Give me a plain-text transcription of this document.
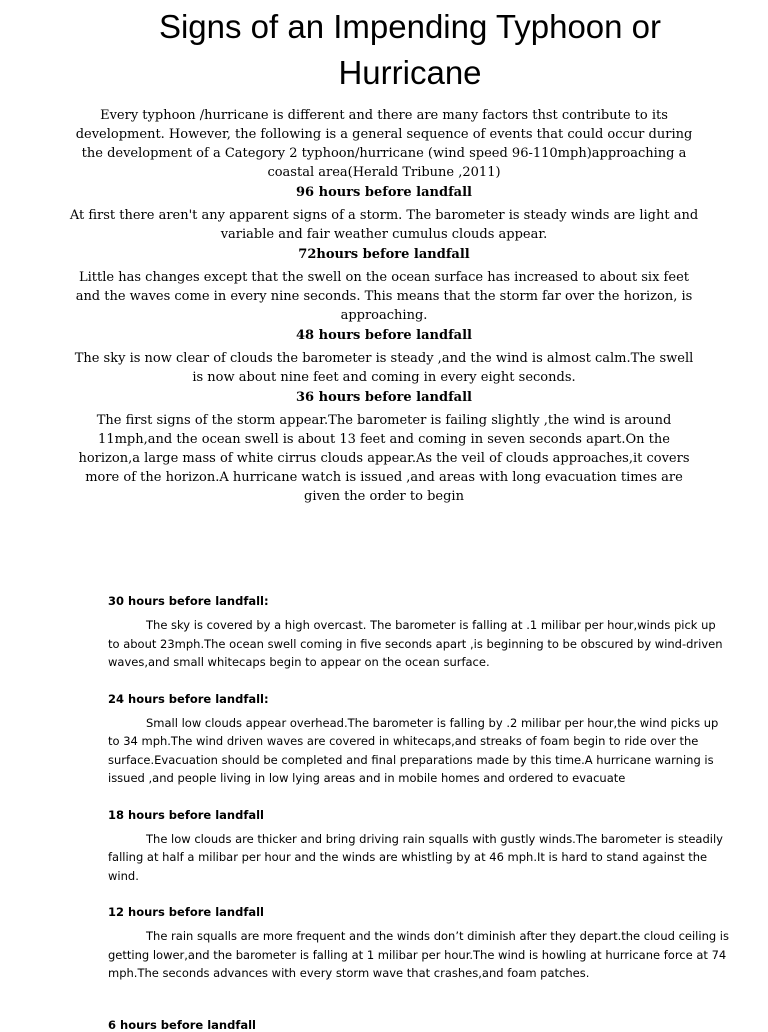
Signs of an Impending Typhoon or Hurricane

Every typhoon /hurricane is different and there are many factors thst contribute to its development. However, the following is a general sequence of events that could occur during the development of a Category 2 typhoon/hurricane (wind speed 96-110mph)approaching a coastal area(Herald Tribune ,2011)

96 hours before landfall

At first there aren't any apparent signs of a storm. The barometer is steady winds are light and variable and fair weather cumulus clouds appear.

72hours before landfall

Little has changes except that the swell on the ocean surface has increased to about six feet and the waves come in every nine seconds. This means that the storm far over the horizon, is approaching.

48 hours before landfall

The sky is now clear of clouds the barometer is steady ,and the wind is almost calm.The swell is now about nine feet and coming in every eight seconds.

36 hours before landfall

The first signs of the storm appear.The barometer is failing slightly ,the wind is around 11mph,and the ocean swell is about 13 feet and coming in seven seconds apart.On the horizon,a large mass of white cirrus clouds appear.As the veil of clouds approaches,it covers more of the horizon.A hurricane watch is issued ,and areas with long evacuation times are given the order to begin

30 hours before landfall:

The sky is covered by a high overcast. The barometer is falling at .1 milibar per hour,winds pick up to about 23mph.The ocean swell coming in five seconds apart ,is beginning to be obscured by wind-driven waves,and small whitecaps begin to appear on the ocean surface.

24 hours before landfall:

Small low clouds appear overhead.The barometer is falling by .2 milibar per hour,the wind picks up to 34 mph.The wind driven waves are covered in whitecaps,and streaks of foam begin to ride over the surface.Evacuation should be completed and final preparations made by this time.A hurricane warning is issued ,and people living in low lying areas and in mobile homes and ordered to evacuate

18 hours before landfall

The low clouds are thicker and bring driving rain squalls with gustly winds.The barometer is steadily falling at half a milibar per hour and the winds are whistling by at 46 mph.It is hard to stand against the wind.

12 hours before landfall

The rain squalls are more frequent and the winds don’t diminish after they depart.the cloud ceiling is getting lower,and the barometer is falling at 1 milibar per hour.The wind is howling at hurricane force at 74 mph.The seconds advances with every storm wave that crashes,and foam patches.

6 hours before landfall
